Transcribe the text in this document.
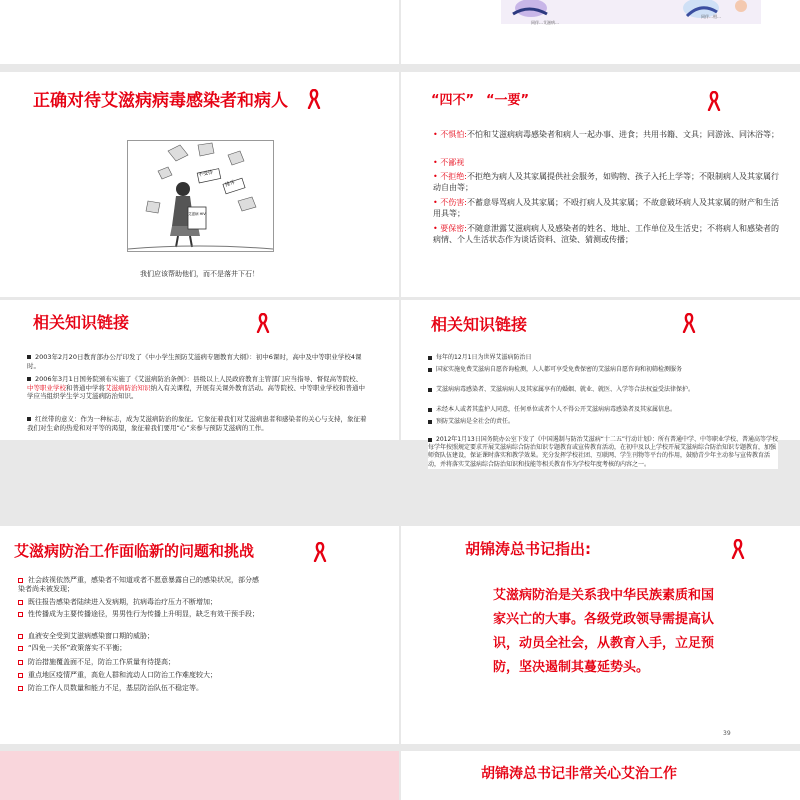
同伴…艾滋病…
同伴…相…
正确对待艾滋病病毒感染者和病人
不受待
排斥
艾滋病 HIV
我们应该帮助他们，而不是落井下石！
“四不” “一要”
• 不惧怕:不怕和艾滋病病毒感染者和病人一起办事、进食；共用书籍、文具；同游泳、同沐浴等；
• 不鄙视
• 不拒绝:不拒绝为病人及其家属提供社会服务，如购物、孩子入托上学等；不限制病人及其家属行动自由等；
• 不伤害:不蓄意辱骂病人及其家属；不殴打病人及其家属；不故意破坏病人及其家属的财产和生活用具等；
• 要保密:不随意泄露艾滋病病人及感染者的姓名、地址、工作单位及生活史；不将病人和感染者的病情、个人生活状态作为谈话资料、渲染、猜测或传播；
相关知识链接
2003年2月20日教育部办公厅印发了《中小学生预防艾滋病专题教育大纲》：初中6课时，高中及中等职业学校4课时。
2006年3月1日国务院颁布实施了《艾滋病防治条例》：县级以上人民政府教育主管部门应当指导、督促高等院校、中等职业学校和普通中学将艾滋病防治知识纳入有关课程，开展有关课外教育活动。高等院校、中等职业学校和普通中学应当组织学生学习艾滋病防治知识。
红丝带的意义：作为一种标志，成为艾滋病防治的象征。它象征着我们对艾滋病患者和感染者的关心与支持，象征着我们对生命的热爱和对平等的渴望，象征着我们要用“心”来参与预防艾滋病的工作。
相关知识链接
每年的12月1日为世界艾滋病防治日
国家实施免费艾滋病自愿咨询检测，人人都可享受免费保密的艾滋病自愿咨询和初筛检测服务
艾滋病病毒感染者、艾滋病病人及其家属享有的婚姻、就业、就医、入学等合法权益受法律保护。
未经本人或者其监护人同意，任何单位或者个人不得公开艾滋病病毒感染者及其家属信息。
预防艾滋病是全社会的责任。
2012年1月13日国务院办公室下发了《中国遏制与防治艾滋病“十二五”行动计划》：所有普通中学、中等职业学校、普通高等学校每学年按照规定要求开展艾滋病综合防治知识专题教育或宣传教育活动，在初中及以上学校开展艾滋病综合防治知识专题教育，加强师资队伍建设，保证课时落实和教学效果。充分发挥学校社团、互联网、学生刊物等平台的作用，鼓励青少年主动参与宣传教育活动，并将落实艾滋病综合防治知识和技能等相关教育作为学校年度考核的内容之一。
艾滋病防治工作面临新的问题和挑战
社会歧视依然严重，感染者不知道或者不愿意暴露自己的感染状况，部分感染者尚未被发现；
既往报告感染者陆续进入发病期，抗病毒治疗压力不断增加；
性传播成为主要传播途径，男男性行为传播上升明显，缺乏有效干预手段；
血液安全受到艾滋病感染窗口期的威胁；
“四免一关怀”政策落实不平衡；
防治措施覆盖面不足，防治工作质量有待提高；
重点地区疫情严重，高危人群和流动人口防治工作难度较大；
防治工作人员数量和能力不足，基层防治队伍不稳定等。
胡锦涛总书记指出:
艾滋病防治是关系我中华民族素质和国家兴亡的大事。各级党政领导需提高认识，动员全社会，从教育入手，立足预防，坚决遏制其蔓延势头。
39
胡锦涛总书记非常关心艾治工作
